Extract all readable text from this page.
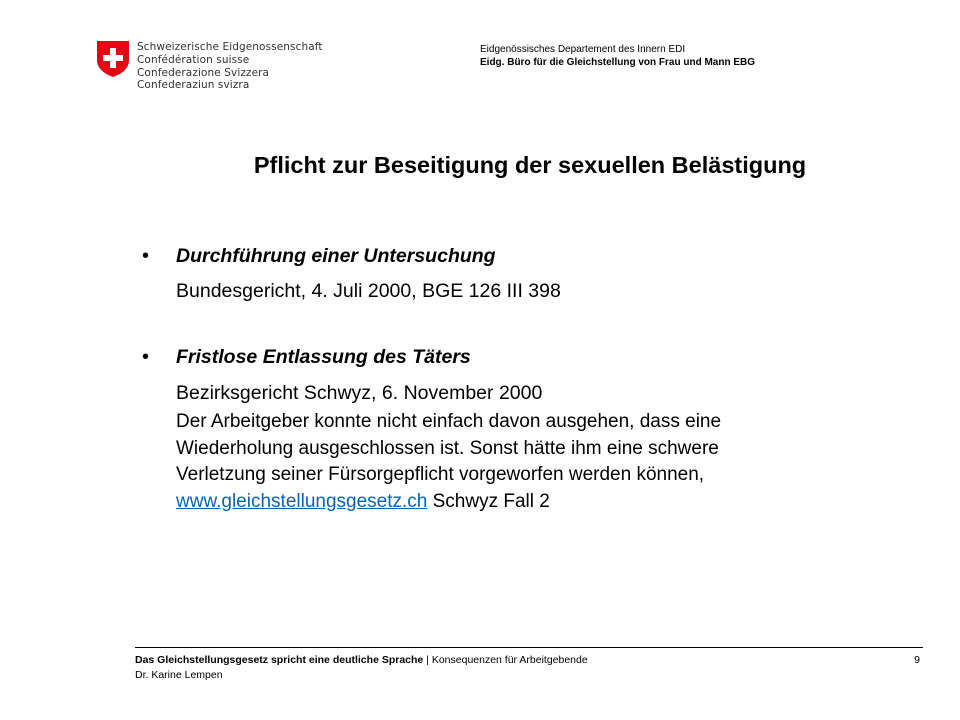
Schweizerische Eidgenossenschaft
Confédération suisse
Confederazione Svizzera
Confederaziun svizra
Eidgenössisches Departement des Innern EDI
Eidg. Büro für die Gleichstellung von Frau und Mann EBG
Pflicht zur Beseitigung der sexuellen Belästigung
• Durchführung einer Untersuchung
Bundesgericht, 4. Juli 2000, BGE 126 III 398
• Fristlose Entlassung des Täters
Bezirksgericht Schwyz, 6. November 2000
Der Arbeitgeber konnte nicht einfach davon ausgehen, dass eine
Wiederholung ausgeschlossen ist. Sonst hätte ihm eine schwere
Verletzung seiner Fürsorgepflicht vorgeworfen werden können,
www.gleichstellungsgesetz.ch Schwyz Fall 2
Das Gleichstellungsgesetz spricht eine deutliche Sprache | Konsequenzen für Arbeitgebende
Dr. Karine Lempen
9
